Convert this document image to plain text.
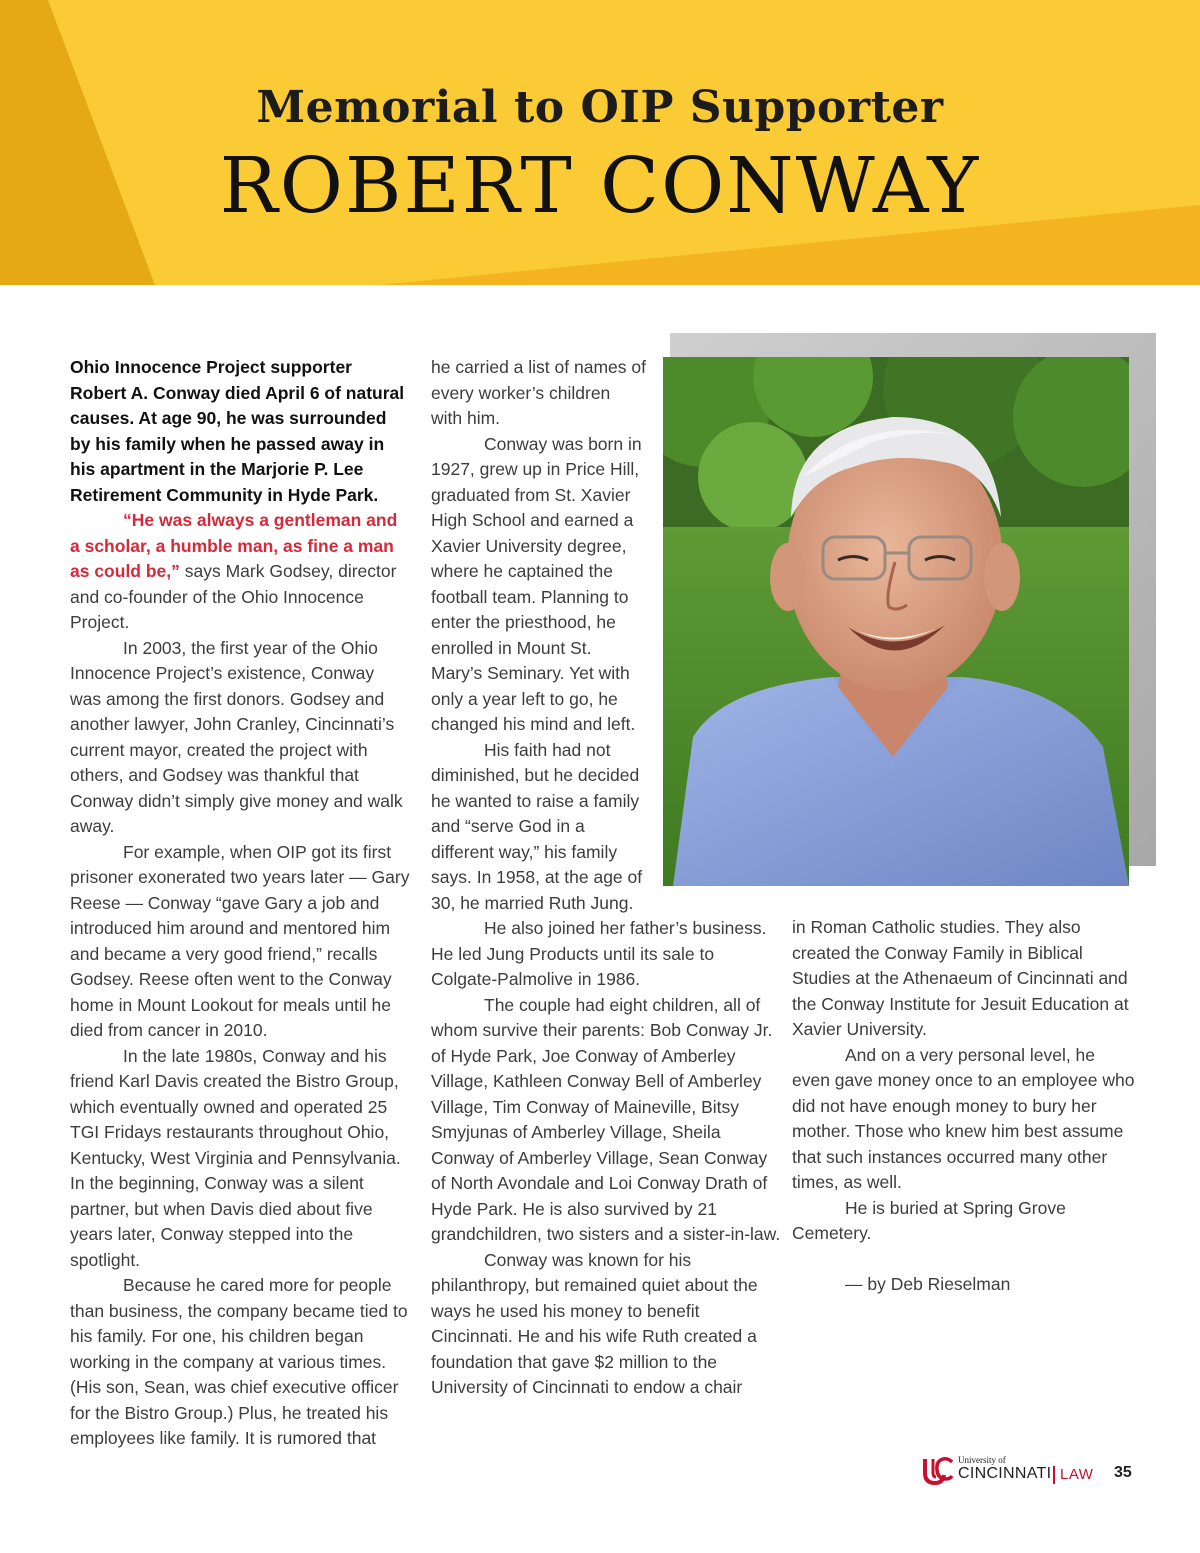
Memorial to OIP Supporter
ROBERT CONWAY

Ohio Innocence Project supporter Robert A. Conway died April 6 of natural causes. At age 90, he was surrounded by his family when he passed away in his apartment in the Marjorie P. Lee Retirement Community in Hyde Park.

“He was always a gentleman and a scholar, a humble man, as fine a man as could be,” says Mark Godsey, director and co-founder of the Ohio Innocence Project.

In 2003, the first year of the Ohio Innocence Project’s existence, Conway was among the first donors. Godsey and another lawyer, John Cranley, Cincinnati’s current mayor, created the project with others, and Godsey was thankful that Conway didn’t simply give money and walk away.

For example, when OIP got its first prisoner exonerated two years later — Gary Reese — Conway “gave Gary a job and introduced him around and mentored him and became a very good friend,” recalls Godsey. Reese often went to the Conway home in Mount Lookout for meals until he died from cancer in 2010.

In the late 1980s, Conway and his friend Karl Davis created the Bistro Group, which eventually owned and operated 25 TGI Fridays restaurants throughout Ohio, Kentucky, West Virginia and Pennsylvania. In the beginning, Conway was a silent partner, but when Davis died about five years later, Conway stepped into the spotlight.

Because he cared more for people than business, the company became tied to his family. For one, his children began working in the company at various times. (His son, Sean, was chief executive officer for the Bistro Group.) Plus, he treated his employees like family. It is rumored that

he carried a list of names of every worker’s children with him.

Conway was born in 1927, grew up in Price Hill, graduated from St. Xavier High School and earned a Xavier University degree, where he captained the football team. Planning to enter the priesthood, he enrolled in Mount St. Mary’s Seminary. Yet with only a year left to go, he changed his mind and left.

His faith had not diminished, but he decided he wanted to raise a family and “serve God in a different way,” his family says. In 1958, at the age of 30, he married Ruth Jung.

He also joined her father’s business. He led Jung Products until its sale to Colgate-Palmolive in 1986.

The couple had eight children, all of whom survive their parents: Bob Conway Jr. of Hyde Park, Joe Conway of Amberley Village, Kathleen Conway Bell of Amberley Village, Tim Conway of Maineville, Bitsy Smyjunas of Amberley Village, Sheila Conway of Amberley Village, Sean Conway of North Avondale and Loi Conway Drath of Hyde Park. He is also survived by 21 grandchildren, two sisters and a sister-in-law.

Conway was known for his philanthropy, but remained quiet about the ways he used his money to benefit Cincinnati. He and his wife Ruth created a foundation that gave $2 million to the University of Cincinnati to endow a chair

in Roman Catholic studies. They also created the Conway Family in Biblical Studies at the Athenaeum of Cincinnati and the Conway Institute for Jesuit Education at Xavier University.

And on a very personal level, he even gave money once to an employee who did not have enough money to bury her mother. Those who knew him best assume that such instances occurred many other times, as well.

He is buried at Spring Grove Cemetery.

— by Deb Rieselman

University of
CINCINNATI LAW 35
